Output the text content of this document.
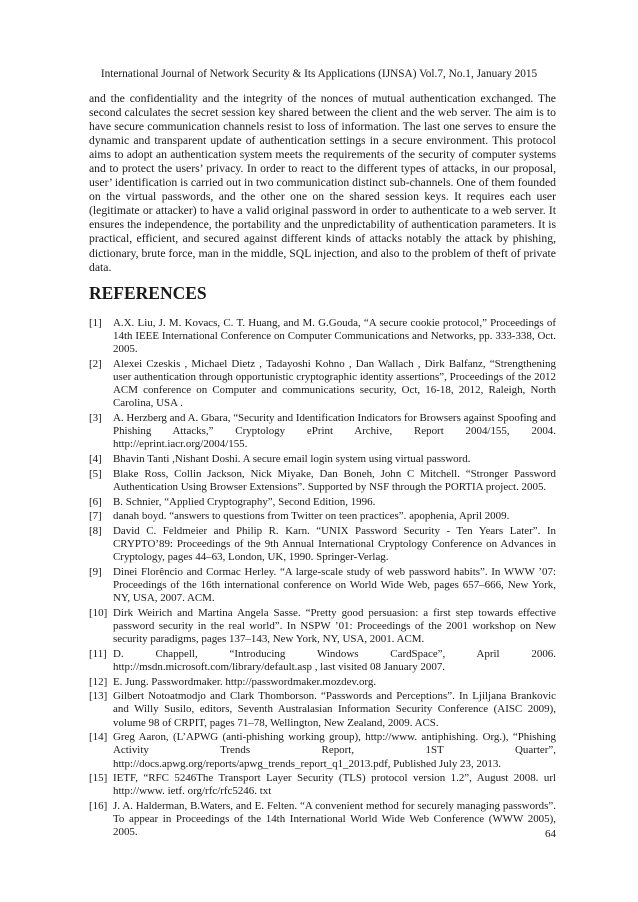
International Journal of Network Security & Its Applications (IJNSA) Vol.7, No.1, January 2015

and the confidentiality and the integrity of the nonces of mutual authentication exchanged. The second calculates the secret session key shared between the client and the web server. The aim is to have secure communication channels resist to loss of information. The last one serves to ensure the dynamic and transparent update of authentication settings in a secure environment. This protocol aims to adopt an authentication system meets the requirements of the security of computer systems and to protect the users’ privacy. In order to react to the different types of attacks, in our proposal, user’ identification is carried out in two communication distinct sub-channels. One of them founded on the virtual passwords, and the other one on the shared session keys. It requires each user (legitimate or attacker) to have a valid original password in order to authenticate to a web server. It ensures the independence, the portability and the unpredictability of authentication parameters. It is practical, efficient, and secured against different kinds of attacks notably the attack by phishing, dictionary, brute force, man in the middle, SQL injection, and also to the problem of theft of private data.

REFERENCES
[1]	A.X. Liu, J. M. Kovacs, C. T. Huang, and M. G.Gouda, “A secure cookie protocol,” Proceedings of 14th IEEE International Conference on Computer Communications and Networks, pp. 333-338, Oct. 2005.
[2]	Alexei Czeskis , Michael Dietz , Tadayoshi Kohno , Dan Wallach , Dirk Balfanz, “Strengthening user authentication through opportunistic cryptographic identity assertions”, Proceedings of the 2012 ACM conference on Computer and communications security, Oct, 16-18, 2012, Raleigh, North Carolina, USA .
[3]	A. Herzberg and A. Gbara, “Security and Identification Indicators for Browsers against Spoofing and Phishing Attacks,” Cryptology ePrint Archive, Report 2004/155, 2004. http://eprint.iacr.org/2004/155.
[4]	Bhavin Tanti ,Nishant Doshi. A secure email login system using virtual password.
[5]	Blake Ross, Collin Jackson, Nick Miyake, Dan Boneh, John C Mitchell. “Stronger Password Authentication Using Browser Extensions”. Supported by NSF through the PORTIA project. 2005.
[6]	B. Schnier, “Applied Cryptography”, Second Edition, 1996.
[7]	danah boyd. “answers to questions from Twitter on teen practices”. apophenia, April 2009.
[8]	David C. Feldmeier and Philip R. Karn. “UNIX Password Security - Ten Years Later”. In CRYPTO’89: Proceedings of the 9th Annual International Cryptology Conference on Advances in Cryptology, pages 44–63, London, UK, 1990. Springer-Verlag.
[9]	Dinei Florêncio and Cormac Herley. “A large-scale study of web password habits”. In WWW ’07: Proceedings of the 16th international conference on World Wide Web, pages 657–666, New York, NY, USA, 2007. ACM.
[10] Dirk Weirich and Martina Angela Sasse. “Pretty good persuasion: a first step towards effective password security in the real world”. In NSPW ’01: Proceedings of the 2001 workshop on New security paradigms, pages 137–143, New York, NY, USA, 2001. ACM.
[11] D. Chappell, “Introducing Windows CardSpace”, April 2006. http://msdn.microsoft.com/library/default.asp , last visited 08 January 2007.
[12] E. Jung. Passwordmaker. http://passwordmaker.mozdev.org.
[13] Gilbert Notoatmodjo and Clark Thomborson. “Passwords and Perceptions”. In Ljiljana Brankovic and Willy Susilo, editors, Seventh Australasian Information Security Conference (AISC 2009), volume 98 of CRPIT, pages 71–78, Wellington, New Zealand, 2009. ACS.
[14] Greg Aaron, (L’APWG (anti-phishing working group), http://www. antiphishing. Org.), “Phishing Activity Trends Report, 1ST Quarter”, http://docs.apwg.org/reports/apwg_trends_report_q1_2013.pdf, Published July 23, 2013.
[15] IETF, “RFC 5246The Transport Layer Security (TLS) protocol version 1.2”, August 2008. url http://www. ietf. org/rfc/rfc5246. txt
[16] J. A. Halderman, B.Waters, and E. Felten. “A convenient method for securely managing passwords”. To appear in Proceedings of the 14th International World Wide Web Conference (WWW 2005), 2005.	64
